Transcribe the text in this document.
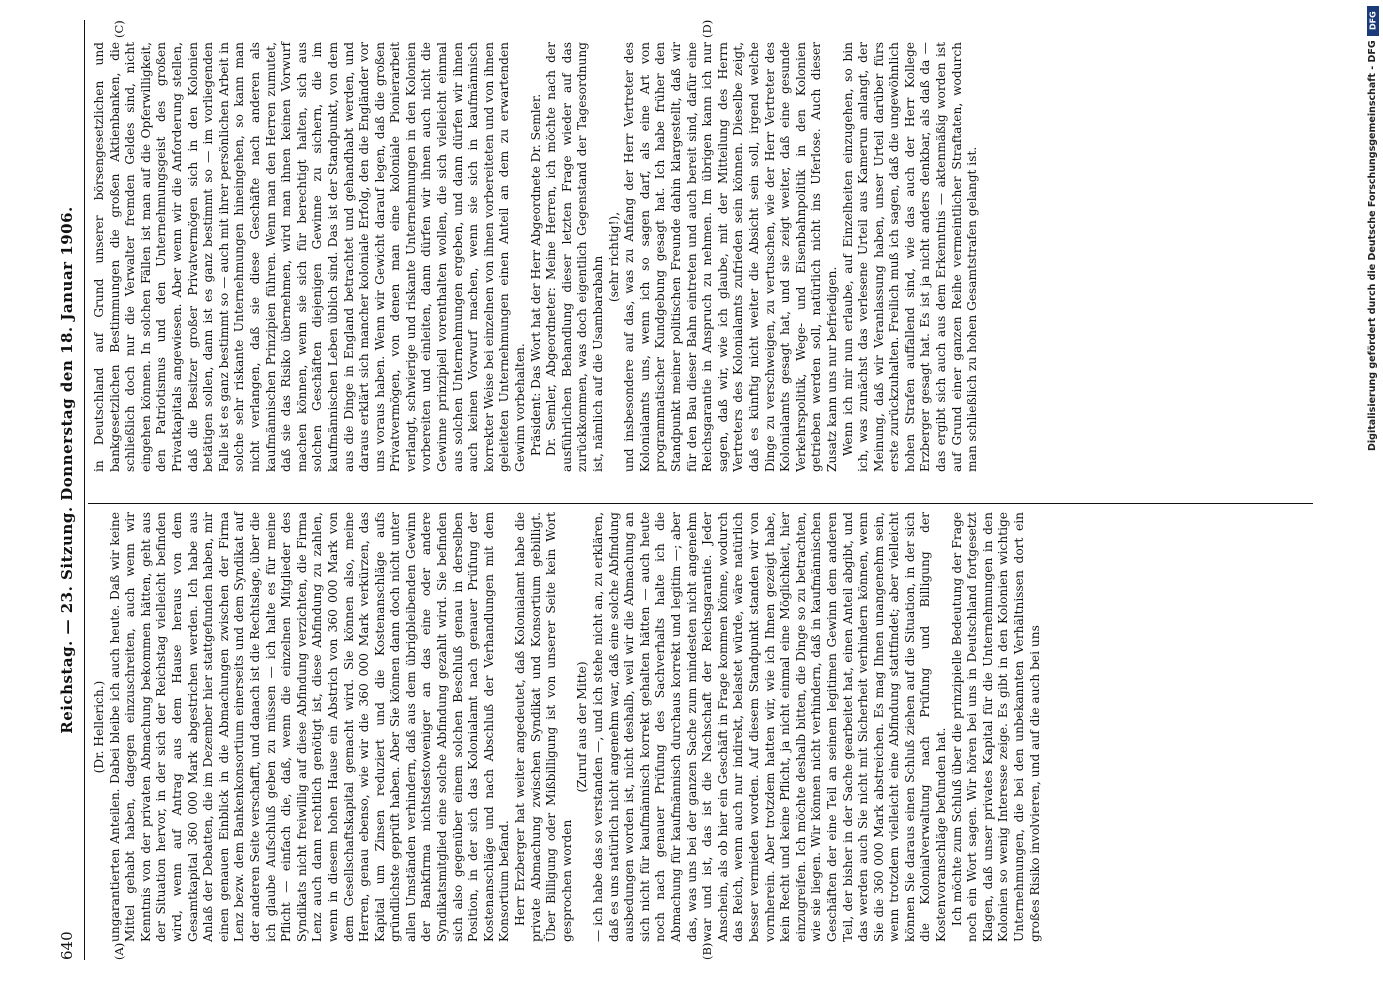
640
Reichstag. — 23. Sitzung. Donnerstag den 18. Januar 1906.
(A)	(B)
(C)	(D)

(Dr. Hellerich.) ungarantierten Anteilen. Dabei bleibe ich auch heute. Daß wir keine Mittel gehabt haben, dagegen einzuschreiten, auch wenn wir Kenntnis von der privaten Abmachung bekommen hätten, geht aus der Situation hervor, in der sich der Reichstag vielleicht befinden wird, wenn auf Antrag aus dem Hause heraus von dem Gesamtkapital 360 000 Mark abgestrichen werden. Ich habe aus Anlaß der Debatten, die im Dezember hier stattgefunden haben, mir einen genauen Einblick in die Abmachungen zwischen der Firma Lenz bezw. dem Bankenkonsortium einerseits und dem Syndikat auf der anderen Seite verschafft, und danach ist die Rechtslage, über die ich glaube Aufschluß geben zu müssen — ich halte es für meine Pflicht — einfach die, daß, wenn die einzelnen Mitglieder des Syndikats nicht freiwillig auf diese Abfindung verzichten, die Firma Lenz auch dann rechtlich genötigt ist, diese Abfindung zu zahlen, wenn in diesem hohen Hause ein Abstrich von 360 000 Mark von dem Gesellschaftskapital gemacht wird. Sie können also, meine Herren, genau ebenso, wie wir die 360 000 Mark verkürzen, das Kapital um Zinsen reduziert und die Kostenanschläge aufs gründlichste geprüft haben. Aber Sie können dann doch nicht unter allen Umständen verhindern, daß aus dem übrigbleibenden Gewinn der Bankfirma nichtsdestoweniger an das eine oder andere Syndikatsmitglied eine solche Abfindung gezahlt wird. Sie befinden sich also gegenüber einem solchen Beschluß genau in derselben Position, in der sich das Kolonialamt nach genauer Prüfung der Kostenanschläge und nach Abschluß der Verhandlungen mit dem Konsortium befand. Herr Erzberger hat weiter angedeutet, daß Kolonialamt habe die private Abmachung zwischen Syndikat und Konsortium gebilligt. Über Billigung oder Mißbilligung ist von unserer Seite kein Wort gesprochen worden

(Zuruf aus der Mitte) — ich habe das so verstanden —, und ich stehe nicht an, zu erklären, daß es uns natürlich nicht angenehm war, daß eine solche Abfindung ausbedungen worden ist, nicht deshalb, weil wir die Abmachung an sich nicht für kaufmännisch korrekt gehalten hätten — auch heute noch nach genauer Prüfung des Sachverhalts halte ich die Abmachung für kaufmännisch durchaus korrekt und legitim —; aber das, was uns bei der ganzen Sache zum mindesten nicht angenehm war und ist, das ist die Nachschaft der Reichsgarantie. Jeder Anschein, als ob hier ein Geschäft in Frage kommen könne, wodurch das Reich, wenn auch nur indirekt, belastet würde, wäre natürlich besser vermieden worden. Auf diesem Standpunkt standen wir von vornherein. Aber trotzdem hatten wir, wie ich Ihnen gezeigt habe, kein Recht und keine Pflicht, ja nicht einmal eine Möglichkeit, hier einzugreifen. Ich möchte deshalb bitten, die Dinge so zu betrachten, wie sie liegen. Wir können nicht verhindern, daß in kaufmännischen Geschäften der eine Teil an seinem legitimen Gewinn dem anderen Teil, der bisher in der Sache gearbeitet hat, einen Anteil abgibt, und das werden auch Sie nicht mit Sicherheit verhindern können, wenn Sie die 360 000 Mark abstreichen. Es mag Ihnen unangenehm sein, wenn trotzdem vielleicht eine Abfindung stattfindet; aber vielleicht können Sie daraus einen Schluß ziehen auf die Situation, in der sich die Kolonialverwaltung nach Prüfung und Billigung der Kostenvoranschläge befunden hat. Ich möchte zum Schluß über die prinzipielle Bedeutung der Frage noch ein Wort sagen. Wir hören bei uns in Deutschland fortgesetzt Klagen, daß unser privates Kapital für die Unternehmungen in den Kolonien so wenig Interesse zeige. Es gibt in den Kolonien wichtige Unternehmungen, die bei den unbekannten Verhältnissen dort ein großes Risiko involvieren, und auf die auch bei uns

in Deutschland auf Grund unserer börsengesetzlichen und bankgesetzlichen Bestimmungen die großen Aktienbanken, die schließlich doch nur die Verwalter fremden Geldes sind, nicht eingehen können. In solchen Fällen ist man auf die Opferwilligkeit, den Patriotismus und den Unternehmungsgeist des großen Privatkapitals angewiesen. Aber wenn wir die Anforderung stellen, daß die Besitzer großer Privatvermögen sich in den Kolonien betätigen sollen, dann ist es ganz bestimmt so — im vorliegenden Falle ist es ganz bestimmt so — auch mit ihrer persönlichen Arbeit in solche sehr riskante Unternehmungen hineingehen, so kann man nicht verlangen, daß sie diese Geschäfte nach anderen als kaufmännischen Prinzipien führen. Wenn man den Herren zumutet, daß sie das Risiko übernehmen, wird man ihnen keinen Vorwurf machen können, wenn sie sich für berechtigt halten, sich aus solchen Geschäften diejenigen Gewinne zu sichern, die im kaufmännischen Leben üblich sind. Das ist der Standpunkt, von dem aus die Dinge in England betrachtet und gehandhabt werden, und daraus erklärt sich mancher koloniale Erfolg, den die Engländer vor uns voraus haben. Wenn wir Gewicht darauf legen, daß die großen Privatvermögen, von denen man eine koloniale Pionierarbeit verlangt, schwierige und riskante Unternehmungen in den Kolonien vorbereiten und einleiten, dann dürfen wir ihnen auch nicht die Gewinne prinzipiell vorenthalten wollen, die sich vielleicht einmal aus solchen Unternehmungen ergeben, und dann dürfen wir ihnen auch keinen Vorwurf machen, wenn sie sich in kaufmännisch korrekter Weise bei einzelnen von ihnen vorbereiteten und von ihnen geleiteten Unternehmungen einen Anteil an dem zu erwartenden Gewinn vorbehalten. Präsident: Das Wort hat der Herr Abgeordnete Dr. Semler. Dr. Semler, Abgeordneter: Meine Herren, ich möchte nach der ausführlichen Behandlung dieser letzten Frage wieder auf das zurückkommen, was doch eigentlich Gegenstand der Tagesordnung ist, nämlich auf die Usambarabahn (sehr richtig!), und insbesondere auf das, was zu Anfang der Herr Vertreter des Kolonialamts uns, wenn ich so sagen darf, als eine Art von programmatischer Kundgebung gesagt hat. Ich habe früher den Standpunkt meiner politischen Freunde dahin klargestellt, daß wir für den Bau dieser Bahn eintreten und auch bereit sind, dafür eine Reichsgarantie in Anspruch zu nehmen. Im übrigen kann ich nur sagen, daß wir, wie ich glaube, mit der Mitteilung des Herrn Vertreters des Kolonialamts zufrieden sein können. Dieselbe zeigt, daß es künftig nicht weiter die Absicht sein soll, irgend welche Dinge zu verschweigen, zu vertuschen, wie der Herr Vertreter des Kolonialamts gesagt hat, und sie zeigt weiter, daß eine gesunde Verkehrspolitik, Wege- und Eisenbahnpolitik in den Kolonien getrieben werden soll, natürlich nicht ins Uferlose. Auch dieser Zusatz kann uns nur befriedigen. Wenn ich mir nun erlaube, auf Einzelheiten einzugehen, so bin ich, was zunächst das verlesene Urteil aus Kamerun anlangt, der Meinung, daß wir Veranlassung haben, unser Urteil darüber fürs erste zurückzuhalten. Freilich muß ich sagen, daß die ungewöhnlich hohen Strafen auffallend sind, wie das auch der Herr Kollege Erzberger gesagt hat. Es ist ja nicht anders denkbar, als daß da — das ergibt sich auch aus dem Erkenntnis — aktenmäßig worden ist auf Grund einer ganzen Reihe vermeintlicher Straftaten, wodurch man schließlich zu hohen Gesamtstrafen gelangt ist.

DFG
Digitalisierung gefördert durch die Deutsche Forschungsgemeinschaft - DFG
